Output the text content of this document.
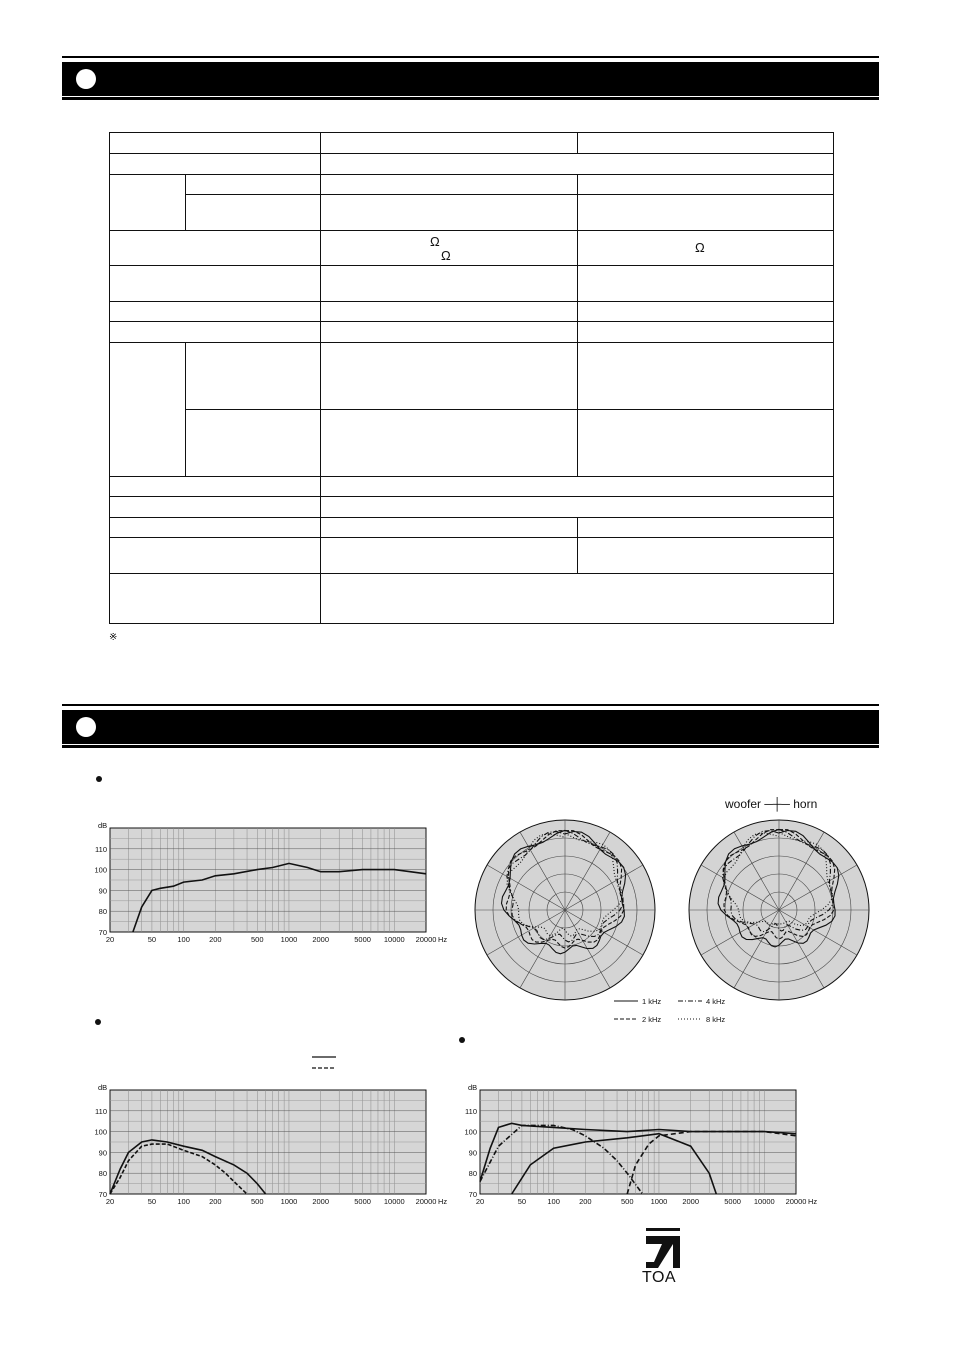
Ω
Ω
Ω
※
110
100
90
80
70
20	50	100	200	500 1000 2000	5000 10000 20000
dB
Hz
110
100
90
80
70
20	50	100	200	500 1000 2000	5000 10000 20000
dB
Hz
110
100
90
80
70
20	50	100	200	500 1000 2000	5000 10000 20000
dB
Hz
woofer ─┼─ horn
1 kHz	4 kHz
2 kHz	8 kHz
TOA
